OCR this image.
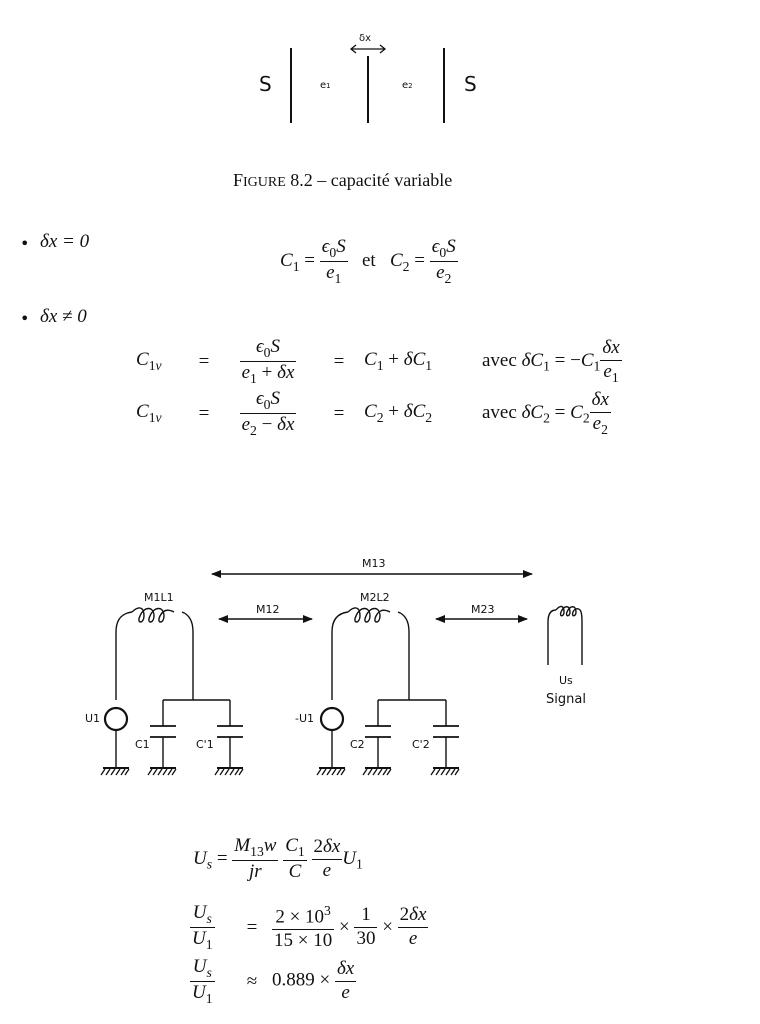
S	e1
δx
e2	S
FIGURE 8.2 – capacité variable
• δx = 0
$C_1 = \frac{\epsilon_0S}{e_1}$ et $C_2 = \frac{\epsilon_0S}{e_2}$
• δx ≠ 0
$C_{1v}$	=	$\frac{\epsilon_0S}{e_1 + \delta x}$	=	$C_1 + \delta C_1$	avec $\delta C_1 = -C_1 \frac{\delta x}{e_1}$
$C_{1v}$	=	$\frac{\epsilon_0S}{e_2 - \delta x}$	=	$C_2 + \delta C_2$	avec $\delta C_2 = C_2 \frac{\delta x}{e_2}$
M13
M12	M23
M1L1	M2L2
U1	-U1
C1	C'1	C2	C'2
Us
Signal
$U_s = \frac{M_{13}w}{jr}$
$\frac{C_1}{C}$
$\frac{2\delta x}{e} U_1$
$\frac{U_s}{U_1}$	= $\frac{2 \times 10^3}{15 \times 10} \times \frac{1}{30} \times \frac{2\delta x}{e}$
$\frac{U_s}{U_1}$	≈ $0.889 \times \frac{\delta x}{e}$
